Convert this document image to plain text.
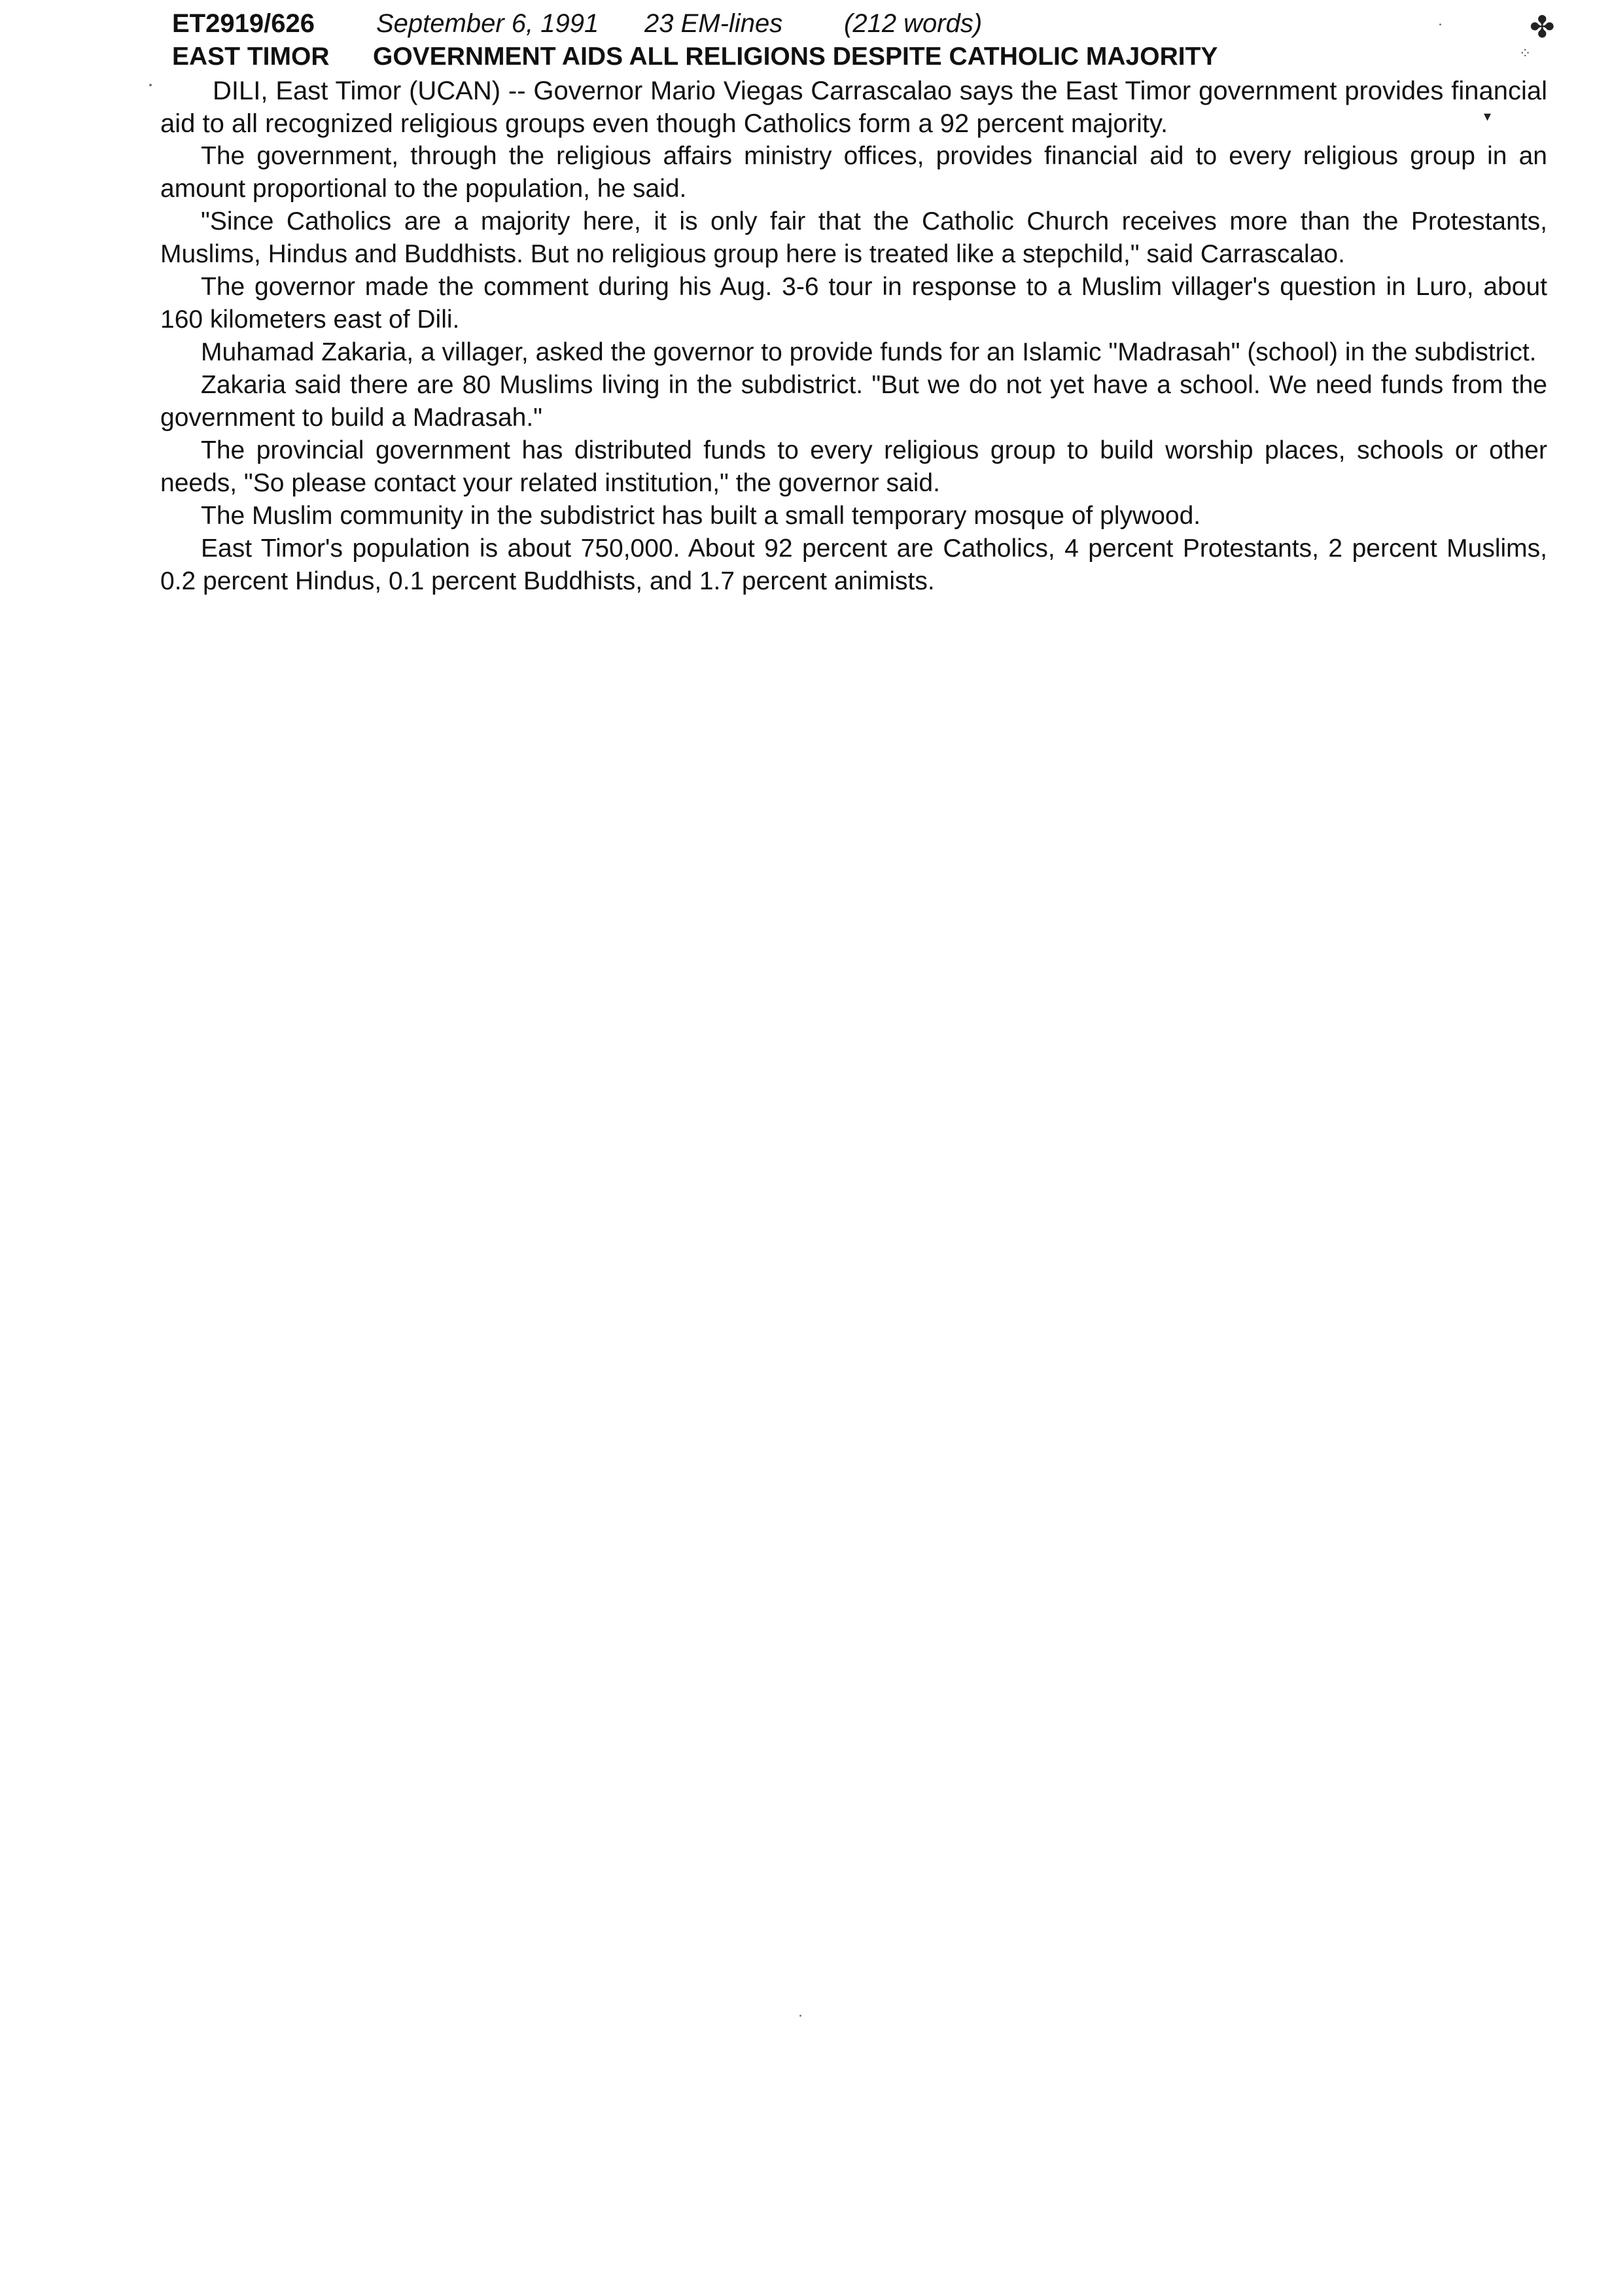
ET2919/626 September 6, 1991 23 EM-lines (212 words)
EAST TIMOR GOVERNMENT AIDS ALL RELIGIONS DESPITE CATHOLIC MAJORITY

DILI, East Timor (UCAN) -- Governor Mario Viegas Carrascalao says the East Timor government provides financial aid to all recognized religious groups even though Catholics form a 92 percent majority.

The government, through the religious affairs ministry offices, provides financial aid to every religious group in an amount proportional to the population, he said.

"Since Catholics are a majority here, it is only fair that the Catholic Church receives more than the Protestants, Muslims, Hindus and Buddhists. But no religious group here is treated like a stepchild," said Carrascalao.

The governor made the comment during his Aug. 3-6 tour in response to a Muslim villager's question in Luro, about 160 kilometers east of Dili.

Muhamad Zakaria, a villager, asked the governor to provide funds for an Islamic "Madrasah" (school) in the subdistrict.

Zakaria said there are 80 Muslims living in the subdistrict. "But we do not yet have a school. We need funds from the government to build a Madrasah."

The provincial government has distributed funds to every religious group to build worship places, schools or other needs, "So please contact your related institution," the governor said.

The Muslim community in the subdistrict has built a small temporary mosque of plywood.

East Timor's population is about 750,000. About 92 percent are Catholics, 4 percent Protestants, 2 percent Muslims, 0.2 percent Hindus, 0.1 percent Buddhists, and 1.7 percent animists.

✤
⁘
▾
